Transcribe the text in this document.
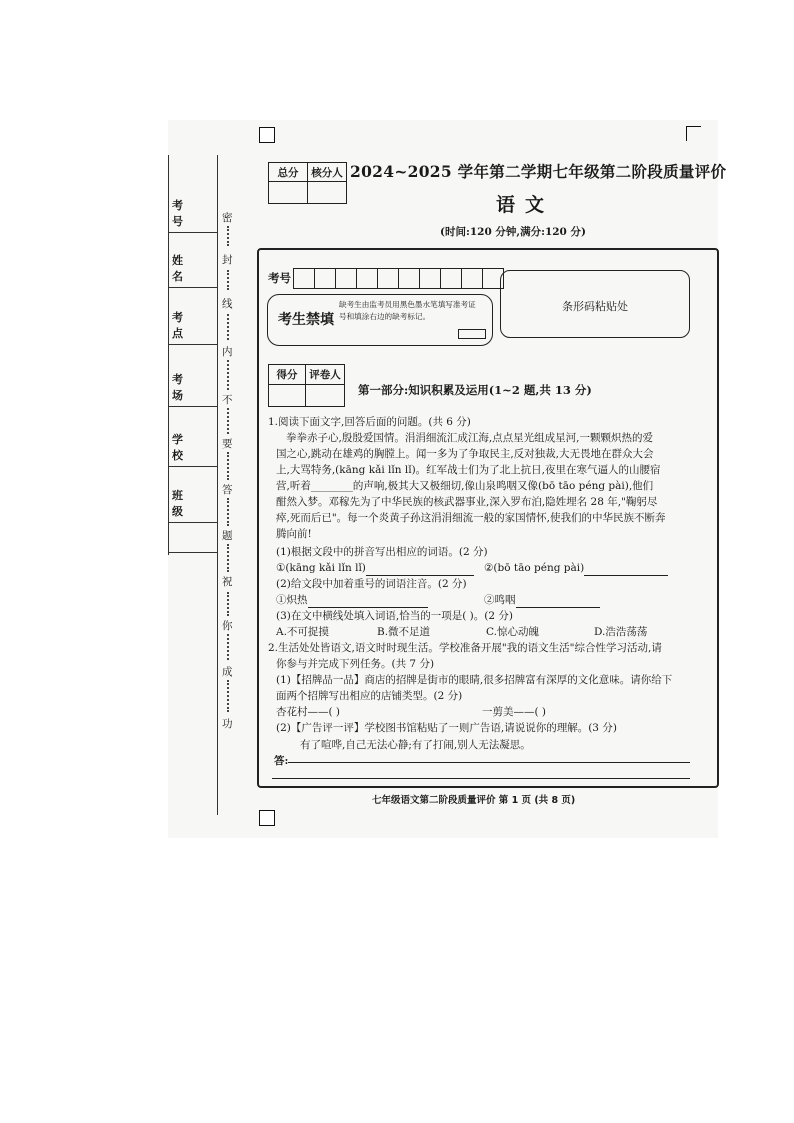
考号
姓名
考点
考场
学校
班级
密
封
线
内
不
要
答
题
祝
你
成
功
总分	核分人
	2024~2025 学年第二学期七年级第二阶段质量评价
语文
(时间:120 分钟,满分:120 分)
考号
考生禁填
缺考生由监考员用黑色墨水笔填写准考证号和填涂右边的缺考标记。
条形码粘贴处
得分	评卷人

第一部分:知识积累及运用(1~2 题,共 13 分)
1.阅读下面文字,回答后面的问题。(共 6 分)
拳拳赤子心,殷殷爱国情。涓涓细流汇成江海,点点星光组成星河,一颗颗炽热的爱
国之心,跳动在雄鸡的胸膛上。闻一多为了争取民主,反对独裁,大无畏地在群众大会
上,大骂特务,(kāng kǎi lǐn lǐ)。红军战士们为了北上抗日,夜里在寒气逼人的山腰宿
营,听着________的声响,极其大又极细切,像山泉鸣咽又像(bō tāo péng pài),他们
酣然入梦。邓稼先为了中华民族的核武器事业,深入罗布泊,隐姓埋名 28 年,"鞠躬尽
瘁,死而后已"。每一个炎黄子孙这涓涓细流一般的家国情怀,使我们的中华民族不断奔
腾向前!
(1)根据文段中的拼音写出相应的词语。(2 分)
①(kāng kǎi lǐn lǐ)	②(bō tāo péng pài)
(2)给文段中加着重号的词语注音。(2 分)
①炽热	②鸣咽
(3)在文中横线处填入词语,恰当的一项是( )。(2 分)
A.不可捉摸	B.微不足道	C.惊心动魄	D.浩浩荡荡
2.生活处处皆语文,语文时时现生活。学校准备开展"我的语文生活"综合性学习活动,请
你参与并完成下列任务。(共 7 分)
(1)【招牌品一品】商店的招牌是街市的眼睛,很多招牌富有深厚的文化意味。请你给下
面两个招牌写出相应的店铺类型。(2 分)
杏花村——( )	一剪美——( )
(2)【广告评一评】学校图书馆粘贴了一则广告语,请说说你的理解。(3 分)
有了喧哗,自己无法心静;有了打闹,别人无法凝思。
答:
七年级语文第二阶段质量评价 第 1 页 (共 8 页)
